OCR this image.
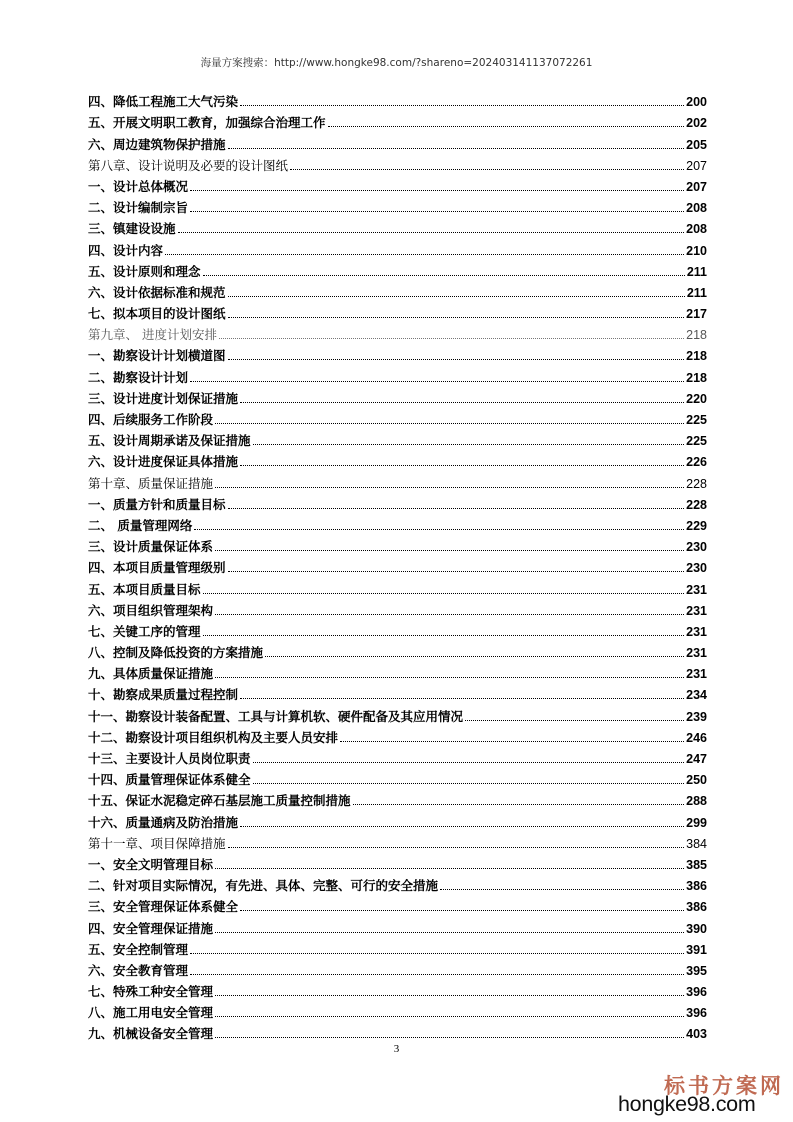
海量方案搜索：http://www.hongke98.com/?shareno=20240314113707226​1
四、降低工程施工大气污染	200
五、开展文明职工教育，加强综合治理工作	202
六、周边建筑物保护措施	205
第八章、设计说明及必要的设计图纸	207
一、设计总体概况	207
二、设计编制宗旨	208
三、镇建设设施	208
四、设计内容	210
五、设计原则和理念	211
六、设计依据标准和规范	211
七、拟本项目的设计图纸	217
第九章、 进度计划安排	218
一、勘察设计计划横道图	218
二、勘察设计计划	218
三、设计进度计划保证措施	220
四、后续服务工作阶段	225
五、设计周期承诺及保证措施	225
六、设计进度保证具体措施	226
第十章、质量保证措施	228
一、质量方针和质量目标	228
二、 质量管理网络	229
三、设计质量保证体系	230
四、本项目质量管理级别	230
五、本项目质量目标	231
六、项目组织管理架构	231
七、关键工序的管理	231
八、控制及降低投资的方案措施	231
九、具体质量保证措施	231
十、勘察成果质量过程控制	234
十一、勘察设计装备配置、工具与计算机软、硬件配备及其应用情况	239
十二、勘察设计项目组织机构及主要人员安排	246
十三、主要设计人员岗位职责	247
十四、质量管理保证体系健全	250
十五、保证水泥稳定碎石基层施工质量控制措施	288
十六、质量通病及防治措施	299
第十一章、项目保障措施	384
一、安全文明管理目标	385
二、针对项目实际情况，有先进、具体、完整、可行的安全措施	386
三、安全管理保证体系健全	386
四、安全管理保证措施	390
五、安全控制管理	391
六、安全教育管理	395
七、特殊工种安全管理	396
八、施工用电安全管理	396
九、机械设备安全管理	403
3
标书方案网
hongke98.com
